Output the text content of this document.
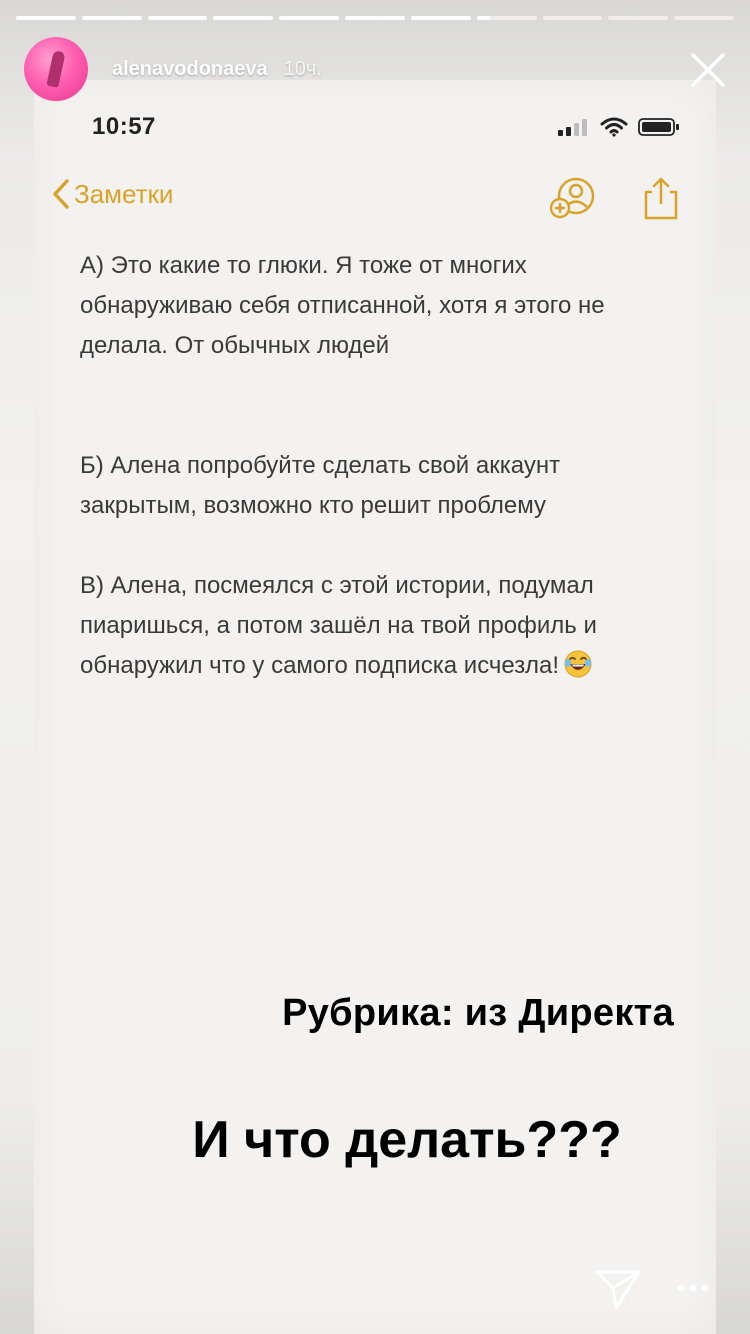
alenavodonaeva 10ч.
10:57
Заметки

А) Это какие то глюки. Я тоже от многих обнаруживаю себя отписанной, хотя я этого не делала. От обычных людей

Б) Алена попробуйте сделать свой аккаунт закрытым, возможно кто решит проблему

В) Алена, посмеялся с этой истории, подумал пиаришься, а потом зашёл на твой профиль и обнаружил что у самого подписка исчезла!

Рубрика: из Директа
И что делать???
